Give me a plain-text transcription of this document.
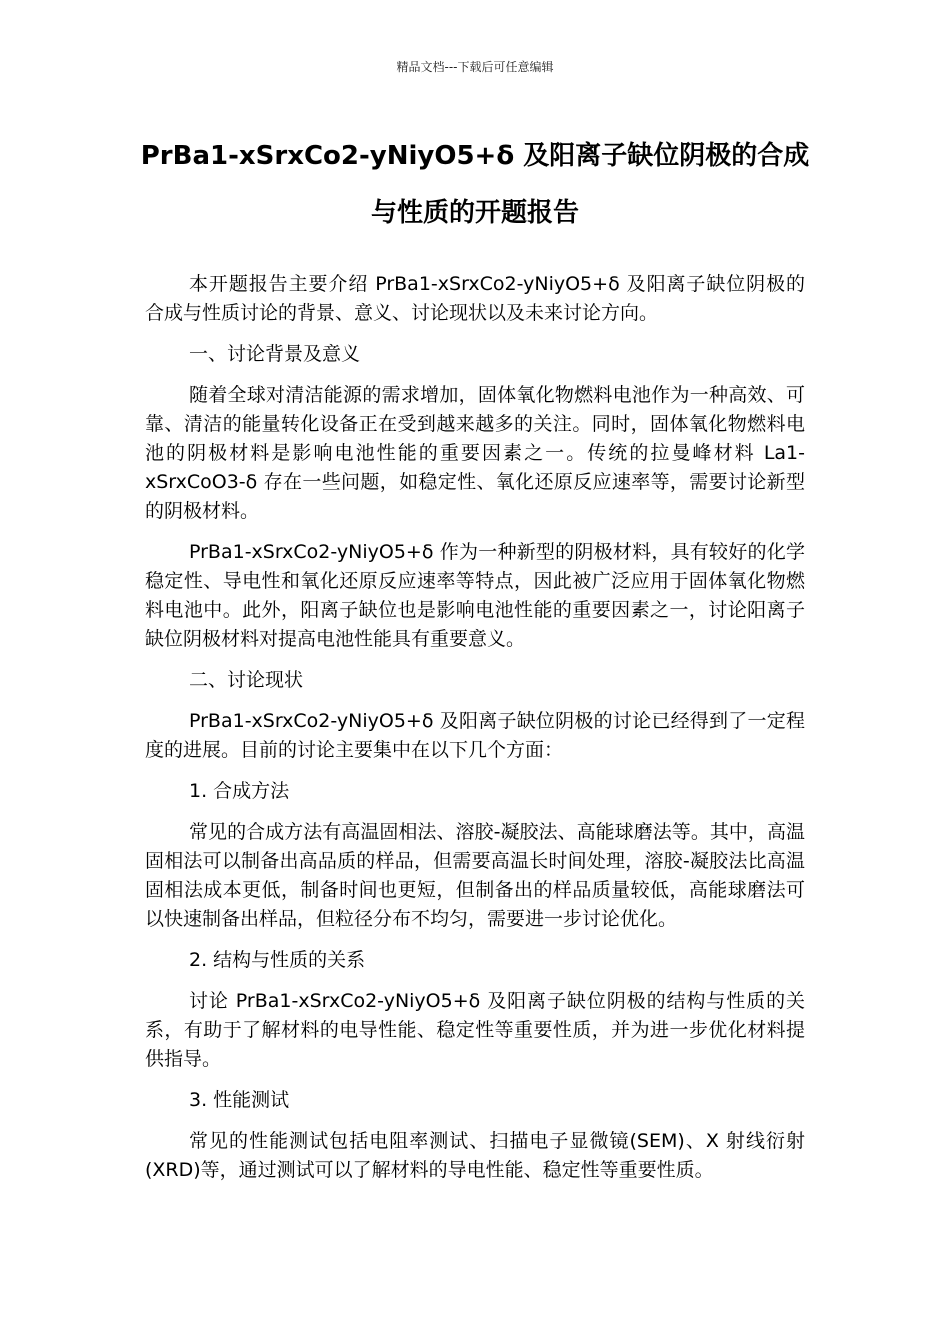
精品文档---下载后可任意编辑
PrBa1-xSrxCo2-yNiyO5+δ 及阳离子缺位阴极的合成
与性质的开题报告

本开题报告主要介绍 PrBa1-xSrxCo2-yNiyO5+δ 及阳离子缺位阴极的合成与性质讨论的背景、意义、讨论现状以及未来讨论方向。

一、讨论背景及意义

随着全球对清洁能源的需求增加，固体氧化物燃料电池作为一种高效、可靠、清洁的能量转化设备正在受到越来越多的关注。同时，固体氧化物燃料电池的阴极材料是影响电池性能的重要因素之一。传统的拉曼峰材料 La1-xSrxCoO3-δ 存在一些问题，如稳定性、氧化还原反应速率等，需要讨论新型的阴极材料。

PrBa1-xSrxCo2-yNiyO5+δ 作为一种新型的阴极材料，具有较好的化学稳定性、导电性和氧化还原反应速率等特点，因此被广泛应用于固体氧化物燃料电池中。此外，阳离子缺位也是影响电池性能的重要因素之一，讨论阳离子缺位阴极材料对提高电池性能具有重要意义。

二、讨论现状

PrBa1-xSrxCo2-yNiyO5+δ 及阳离子缺位阴极的讨论已经得到了一定程度的进展。目前的讨论主要集中在以下几个方面：

1. 合成方法

常见的合成方法有高温固相法、溶胶-凝胶法、高能球磨法等。其中，高温固相法可以制备出高品质的样品，但需要高温长时间处理，溶胶-凝胶法比高温固相法成本更低，制备时间也更短，但制备出的样品质量较低，高能球磨法可以快速制备出样品，但粒径分布不均匀，需要进一步讨论优化。

2. 结构与性质的关系

讨论 PrBa1-xSrxCo2-yNiyO5+δ 及阳离子缺位阴极的结构与性质的关系，有助于了解材料的电导性能、稳定性等重要性质，并为进一步优化材料提供指导。

3. 性能测试

常见的性能测试包括电阻率测试、扫描电子显微镜(SEM)、X 射线衍射(XRD)等，通过测试可以了解材料的导电性能、稳定性等重要性质。
